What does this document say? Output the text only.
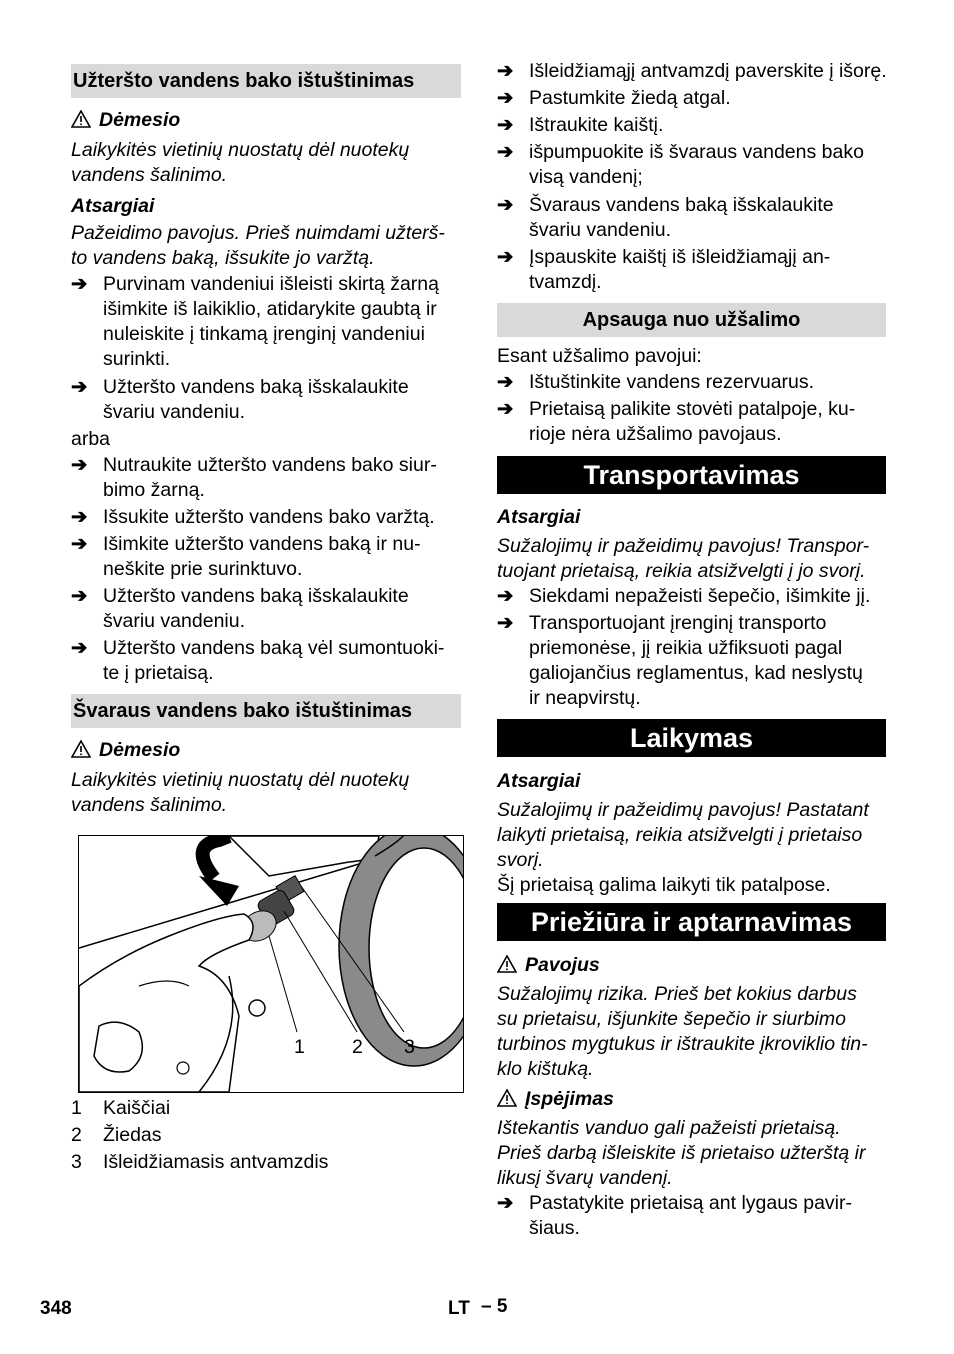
Užteršto vandens bako ištuštinimas
Dėmesio
Laikykitės vietinių nuostatų dėl nuotekų
vandens šalinimo.
Atsargiai
Pažeidimo pavojus. Prieš nuimdami užterš-
to vandens baką, išsukite jo varžtą.
➔ Purvinam vandeniui išleisti skirtą žarną
išimkite iš laikiklio, atidarykite gaubtą ir
nuleiskite į tinkamą įrenginį vandeniui
surinkti.
➔ Užteršto vandens baką išskalaukite
švariu vandeniu.
arba
➔ Nutraukite užteršto vandens bako siur-
bimo žarną.
➔ Išsukite užteršto vandens bako varžtą.
➔ Išimkite užteršto vandens baką ir nu-
neškite prie surinktuvo.
➔ Užteršto vandens baką išskalaukite
švariu vandeniu.
➔ Užteršto vandens baką vėl sumontuoki-
te į prietaisą.
Švaraus vandens bako ištuštinimas
Dėmesio
Laikykitės vietinių nuostatų dėl nuotekų
vandens šalinimo.
1 2 3
1 Kaiščiai
2 Žiedas
3 Išleidžiamasis antvamzdis
➔ Išleidžiamąjį antvamzdį paverskite į išorę.
➔ Pastumkite žiedą atgal.
➔ Ištraukite kaištį.
➔ išpumpuokite iš švaraus vandens bako
visą vandenį;
➔ Švaraus vandens baką išskalaukite
švariu vandeniu.
➔ Įspauskite kaištį iš išleidžiamąjį an-
tvamzdį.
Apsauga nuo užšalimo
Esant užšalimo pavojui:
➔ Ištuštinkite vandens rezervuarus.
➔ Prietaisą palikite stovėti patalpoje, ku-
rioje nėra užšalimo pavojaus.
Transportavimas
Atsargiai
Sužalojimų ir pažeidimų pavojus! Transpor-
tuojant prietaisą, reikia atsižvelgti į jo svorį.
➔ Siekdami nepažeisti šepečio, išimkite jį.
➔ Transportuojant įrenginį transporto
priemonėse, jį reikia užfiksuoti pagal
galiojančius reglamentus, kad neslystų
ir neapvirstų.
Laikymas
Atsargiai
Sužalojimų ir pažeidimų pavojus! Pastatant
laikyti prietaisą, reikia atsižvelgti į prietaiso
svorį.
Šį prietaisą galima laikyti tik patalpose.
Priežiūra ir aptarnavimas
Pavojus
Sužalojimų rizika. Prieš bet kokius darbus
su prietaisu, išjunkite šepečio ir siurbimo
turbinos mygtukus ir ištraukite įkroviklio tin-
klo kištuką.
Įspėjimas
Ištekantis vanduo gali pažeisti prietaisą.
Prieš darbą išleiskite iš prietaiso užterštą ir
likusį švarų vandenį.
➔ Pastatykite prietaisą ant lygaus pavir-
šiaus.
348	LT – 5
